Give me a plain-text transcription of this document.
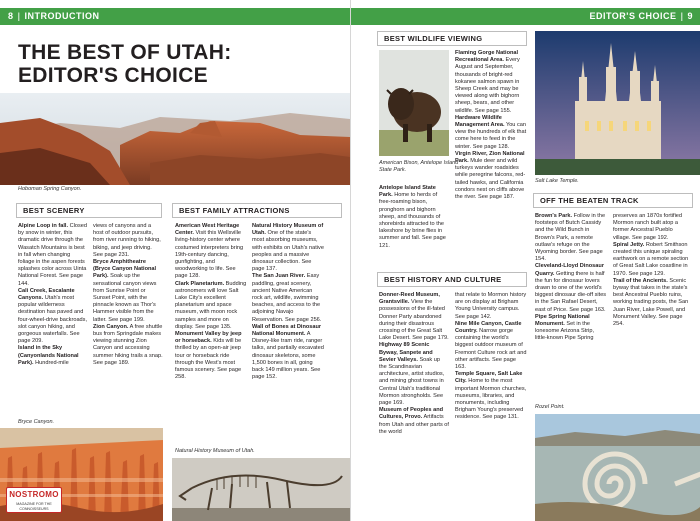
8 | INTRODUCTION
THE BEST OF UTAH:
EDITOR'S CHOICE
Hoboman Spring Canyon.
BEST SCENERY

Alpine Loop in fall. Closed by snow in winter, this dramatic drive through the Wasatch Mountains is best in fall when changing foliage in the aspen forests splashes color across Uinta National Forest. See page 144.

Cali Creek, Escalante Canyons. Utah's most popular wilderness destination has paved and four-wheel-drive backroads, slot canyon hiking, and gorgeous waterfalls. See page 209.

Island in the Sky (Canyonlands National Park). Hundred-mile

views of canyons and a host of outdoor pursuits, from river running to hiking, biking, and jeep driving. See page 231.

Bryce Amphitheatre (Bryce Canyon National Park). Soak up the sensational canyon views from Sunrise Point or Sunset Point, with the pinnacle known as Thor's Hammer visible from the latter. See page 199.

Zion Canyon. A free shuttle bus from Springdale makes viewing stunning Zion Canyon and accessing summer hiking trails a snap. See page 189.

BEST FAMILY ATTRACTIONS

American West Heritage Center. Visit this Wellsville living-history center where costumed interpreters bring 19th-century dancing, gunfighting, and woodworking to life. See page 128.

Clark Planetarium. Budding astronomers will love Salt Lake City's excellent planetarium and space museum, with moon rock samples and more on display. See page 135.

Monument Valley by jeep or horseback. Kids will be thrilled by an open-air jeep tour or horseback ride through the West's most famous scenery. See page 258.

Natural History Museum of Utah. One of the state's most absorbing museums, with exhibits on Utah's native peoples and a massive dinosaur collection. See page 137.

The San Juan River. Easy paddling, great scenery, ancient Native American rock art, wildlife, swimming beaches, and access to the adjoining Navajo Reservation. See page 256.

Wall of Bones at Dinosaur National Monument. A Disney-like tram ride, ranger talks, and partially excavated dinosaur skeletons, some 1,500 bones in all, going back 149 million years. See page 152.

Bryce Canyon.
NOSTROMO
MAGAZINE FOR THE CONNOISSEURS
Natural History Museum of Utah.
EDITOR'S CHOICE | 9
BEST WILDLIFE VIEWING
American Bison, Antelope Island State Park.

Antelope Island State Park. Home to herds of free-roaming bison, pronghorn and bighorn sheep, and thousands of shorebirds attracted to the lakeshore by brine flies in summer and fall. See page 121.

Flaming Gorge National Recreational Area. Every August and September, thousands of bright-red kokanee salmon spawn in Sheep Creek and may be viewed along with bighorn sheep, bears, and other wildlife. See page 155.

Hardware Wildlife Management Area. You can view the hundreds of elk that come here to feed in the winter. See page 128.

Virgin River, Zion National Park. Mule deer and wild turkeys wander roadsides while peregrine falcons, red-tailed hawks, and California condors nest on cliffs above the river. See page 187.

BEST HISTORY AND CULTURE

Donner-Reed Museum, Grantsville. View the possessions of the ill-fated Donner Party abandoned during their disastrous crossing of the Great Salt Lake Desert. See page 179.

Highway 89 Scenic Byway, Sanpete and Sevier Valleys. Soak up the Scandinavian architecture, artist studios, and mining ghost towns in Central Utah's traditional Mormon strongholds. See page 169.

Museum of Peoples and Cultures, Provo. Artifacts from Utah and other parts of the world

that relate to Mormon history are on display at Brigham Young University campus. See page 142.

Nine Mile Canyon, Castle Country. Narrow gorge containing the world's biggest outdoor museum of Fremont Culture rock art and other artifacts. See page 163.

Temple Square, Salt Lake City. Home to the most important Mormon churches, museums, libraries, and monuments, including Brigham Young's preserved residence. See page 131.

Salt Lake Temple.
OFF THE BEATEN TRACK

Brown's Park. Follow in the footsteps of Butch Cassidy and the Wild Bunch in Brown's Park, a remote outlaw's refuge on the Wyoming border. See page 154.

Cleveland-Lloyd Dinosaur Quarry. Getting there is half the fun for dinosaur lovers drawn to one of the world's biggest dinosaur die-off sites in the San Rafael Desert, east of Price. See page 163.

Pipe Spring National Monument. Set in the lonesome Arizona Strip, little-known Pipe Spring

preserves an 1870s fortified Mormon ranch built atop a former Ancestral Pueblo village. See page 192.

Spiral Jetty. Robert Smithson created this unique spiraling earthwork on a remote section of Great Salt Lake coastline in 1970. See page 129.

Trail of the Ancients. Scenic byway that takes in the state's best Ancestral Pueblo ruins, working trading posts, the San Juan River, Lake Powell, and Monument Valley. See page 254.

Rozel Point.
